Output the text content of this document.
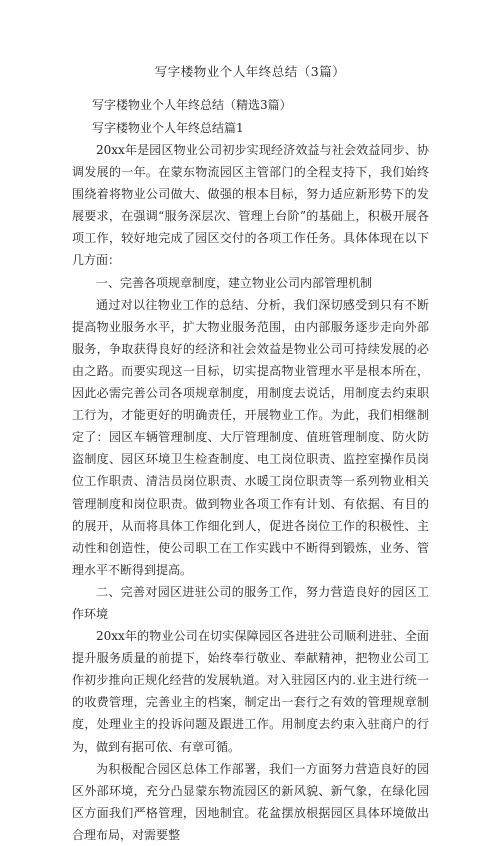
写字楼物业个人年终总结（3篇）
写字楼物业个人年终总结（精选3篇）
写字楼物业个人年终总结篇1

20xx年是园区物业公司初步实现经济效益与社会效益同步、协调发展的一年。在蒙东物流园区主管部门的全程支持下，我们始终围绕着将物业公司做大、做强的根本目标，努力适应新形势下的发展要求，在强调“服务深层次、管理上台阶”的基础上，积极开展各项工作，较好地完成了园区交付的各项工作任务。具体体现在以下几方面：

一、完善各项规章制度，建立物业公司内部管理机制

通过对以往物业工作的总结、分析，我们深切感受到只有不断提高物业服务水平，扩大物业服务范围，由内部服务逐步走向外部服务，争取获得良好的经济和社会效益是物业公司可持续发展的必由之路。而要实现这一目标，切实提高物业管理水平是根本所在，因此必需完善公司各项规章制度，用制度去说话，用制度去约束职工行为，才能更好的明确责任，开展物业工作。为此，我们相继制定了：园区车辆管理制度、大厅管理制度、值班管理制度、防火防盗制度、园区环境卫生检查制度、电工岗位职责、监控室操作员岗位工作职责、清洁员岗位职责、水暖工岗位职责等一系列物业相关管理制度和岗位职责。做到物业各项工作有计划、有依据、有目的的展开，从而将具体工作细化到人，促进各岗位工作的积极性、主动性和创造性，使公司职工在工作实践中不断得到锻炼，业务、管理水平不断得到提高。

二、完善对园区进驻公司的服务工作，努力营造良好的园区工作环境

20xx年的物业公司在切实保障园区各进驻公司顺利进驻、全面提升服务质量的前提下，始终奉行敬业、奉献精神，把物业公司工作初步推向正规化经营的发展轨道。对入驻园区内的.业主进行统一的收费管理，完善业主的档案，制定出一套行之有效的管理规章制度，处理业主的投诉问题及跟进工作。用制度去约束入驻商户的行为，做到有据可依、有章可循。

为积极配合园区总体工作部署，我们一方面努力营造良好的园区外部环境，充分凸显蒙东物流园区的新风貌、新气象，在绿化园区方面我们严格管理，因地制宜。花盆摆放根据园区具体环境做出合理布局，对需要整
